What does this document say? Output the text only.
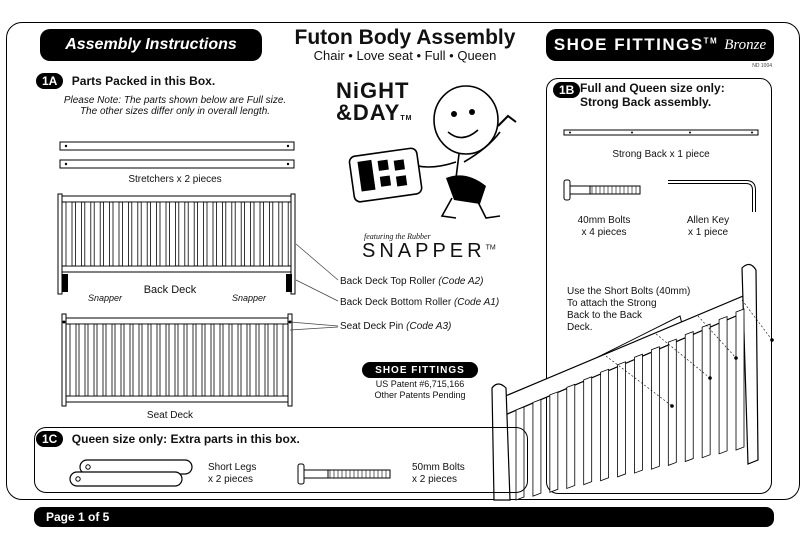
Assembly Instructions	Futon Body Assembly
Chair • Love seat • Full • Queen
SHOE FITTINGS™ Bronze
ND 1004
1A Parts Packed in this Box.
Please Note: The parts shown below are Full size.
The other sizes differ only in overall length.
Stretchers x 2 pieces
Back Deck
Snapper	Snapper
Seat Deck
Back Deck Top Roller (Code A2)
Back Deck Bottom Roller (Code A1)
Seat Deck Pin (Code A3)
NiGHT
&DAYTM
featuring the Rubber
SNAPPER™
SHOE FITTINGS
US Patent #6,715,166
Other Patents Pending
1B Full and Queen size only:
Strong Back assembly.
Strong Back x 1 piece
40mm Bolts
x 4 pieces
Allen Key
x 1 piece
Use the Short Bolts (40mm)
To attach the Strong
Back to the Back
Deck.
1C Queen size only: Extra parts in this box.
Short Legs
x 2 pieces
50mm Bolts
x 2 pieces
Page 1 of 5
